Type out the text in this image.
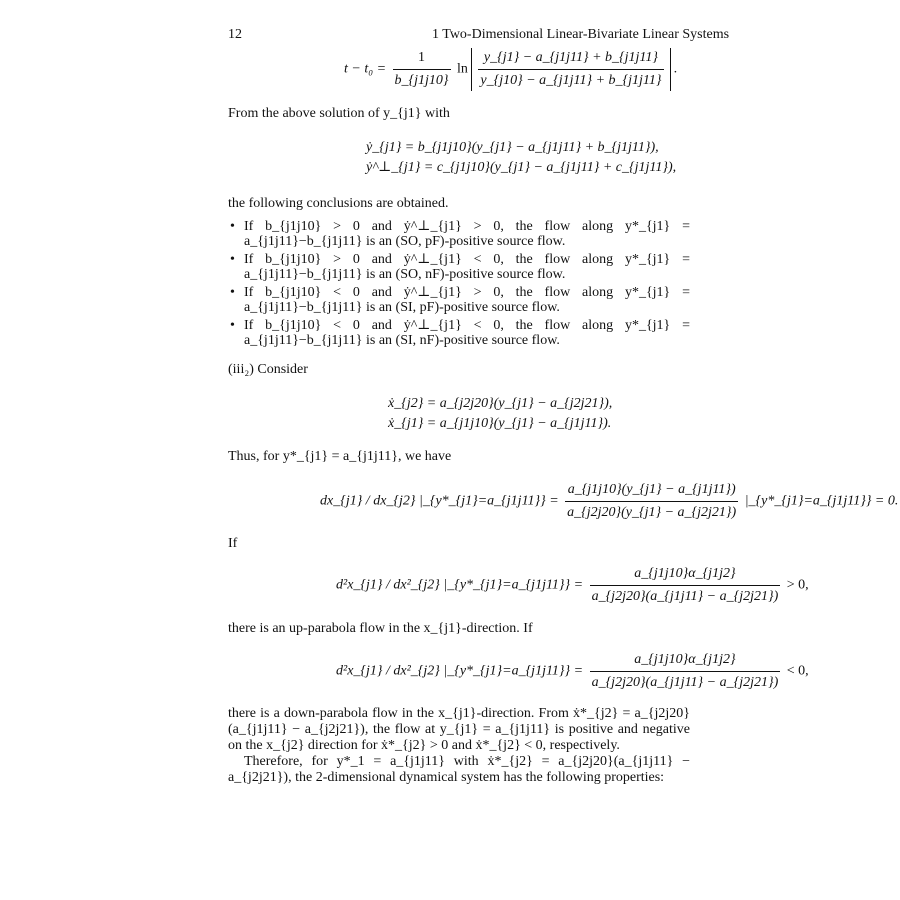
12	1 Two-Dimensional Linear-Bivariate Linear Systems
$t - t_0 = \frac{1}{b\_\{j1j10\}}$ $\ln \frac{y\_\{j1\} - a\_\{j1j11\} + b\_\{j1j11\}}{y\_\{j10\} - a\_\{j1j11\} + b\_\{j1j11\}}$ .
From the above solution of y_{j1} with
ẏ_{j1} = b_{j1j10}(y_{j1} − a_{j1j11} + b_{j1j11}),
ẏ^⊥_{j1} = c_{j1j10}(y_{j1} − a_{j1j11} + c_{j1j11}),
the following conclusions are obtained.
• If b_{j1j10} > 0 and ẏ^⊥_{j1} > 0, the flow along y*_{j1} = a_{j1j11}−b_{j1j11} is an (SO, pF)-positive source flow.
• If b_{j1j10} > 0 and ẏ^⊥_{j1} < 0, the flow along y*_{j1} = a_{j1j11}−b_{j1j11} is an (SO, nF)-positive source flow.
• If b_{j1j10} < 0 and ẏ^⊥_{j1} > 0, the flow along y*_{j1} = a_{j1j11}−b_{j1j11} is an (SI, pF)-positive source flow.
• If b_{j1j10} < 0 and ẏ^⊥_{j1} < 0, the flow along y*_{j1} = a_{j1j11}−b_{j1j11} is an (SI, nF)-positive source flow.
(iii₂) Consider
ẋ_{j2} = a_{j2j20}(y_{j1} − a_{j2j21}),
ẋ_{j1} = a_{j1j10}(y_{j1} − a_{j1j11}).
Thus, for y*_{j1} = a_{j1j11}, we have
dx_{j1} / dx_{j2} |_{y*_{j1}=a_{j1j11}} = $\frac{a\_\{j1j10\}(y\_\{j1\} - a\_\{j1j11\})}{a\_\{j2j20\}(y\_\{j1\} - a\_\{j2j21\})}$ |_{y*_{j1}=a_{j1j11}} = 0.
If
d²x_{j1} / dx²_{j2} |_{y*_{j1}=a_{j1j11}} = $\frac{a\_\{j1j10\}\alpha\_\{j1j2\}}{a\_\{j2j20\}(a\_\{j1j11\} - a\_\{j2j21\})} > 0$,
there is an up-parabola flow in the x_{j1}-direction. If
d²x_{j1} / dx²_{j2} |_{y*_{j1}=a_{j1j11}} = $\frac{a\_\{j1j10\}\alpha\_\{j1j2\}}{a\_\{j2j20\}(a\_\{j1j11\} - a\_\{j2j21\})} < 0$,
there is a down-parabola flow in the x_{j1}-direction. From ẋ*_{j2} = a_{j2j20}(a_{j1j11} − a_{j2j21}), the flow at y_{j1} = a_{j1j11} is positive and negative on the x_{j2} direction for ẋ*_{j2} > 0 and ẋ*_{j2} < 0, respectively.
Therefore, for y*_1 = a_{j1j11} with ẋ*_{j2} = a_{j2j20}(a_{j1j11} − a_{j2j21}), the 2-dimensional dynamical system has the following properties:
